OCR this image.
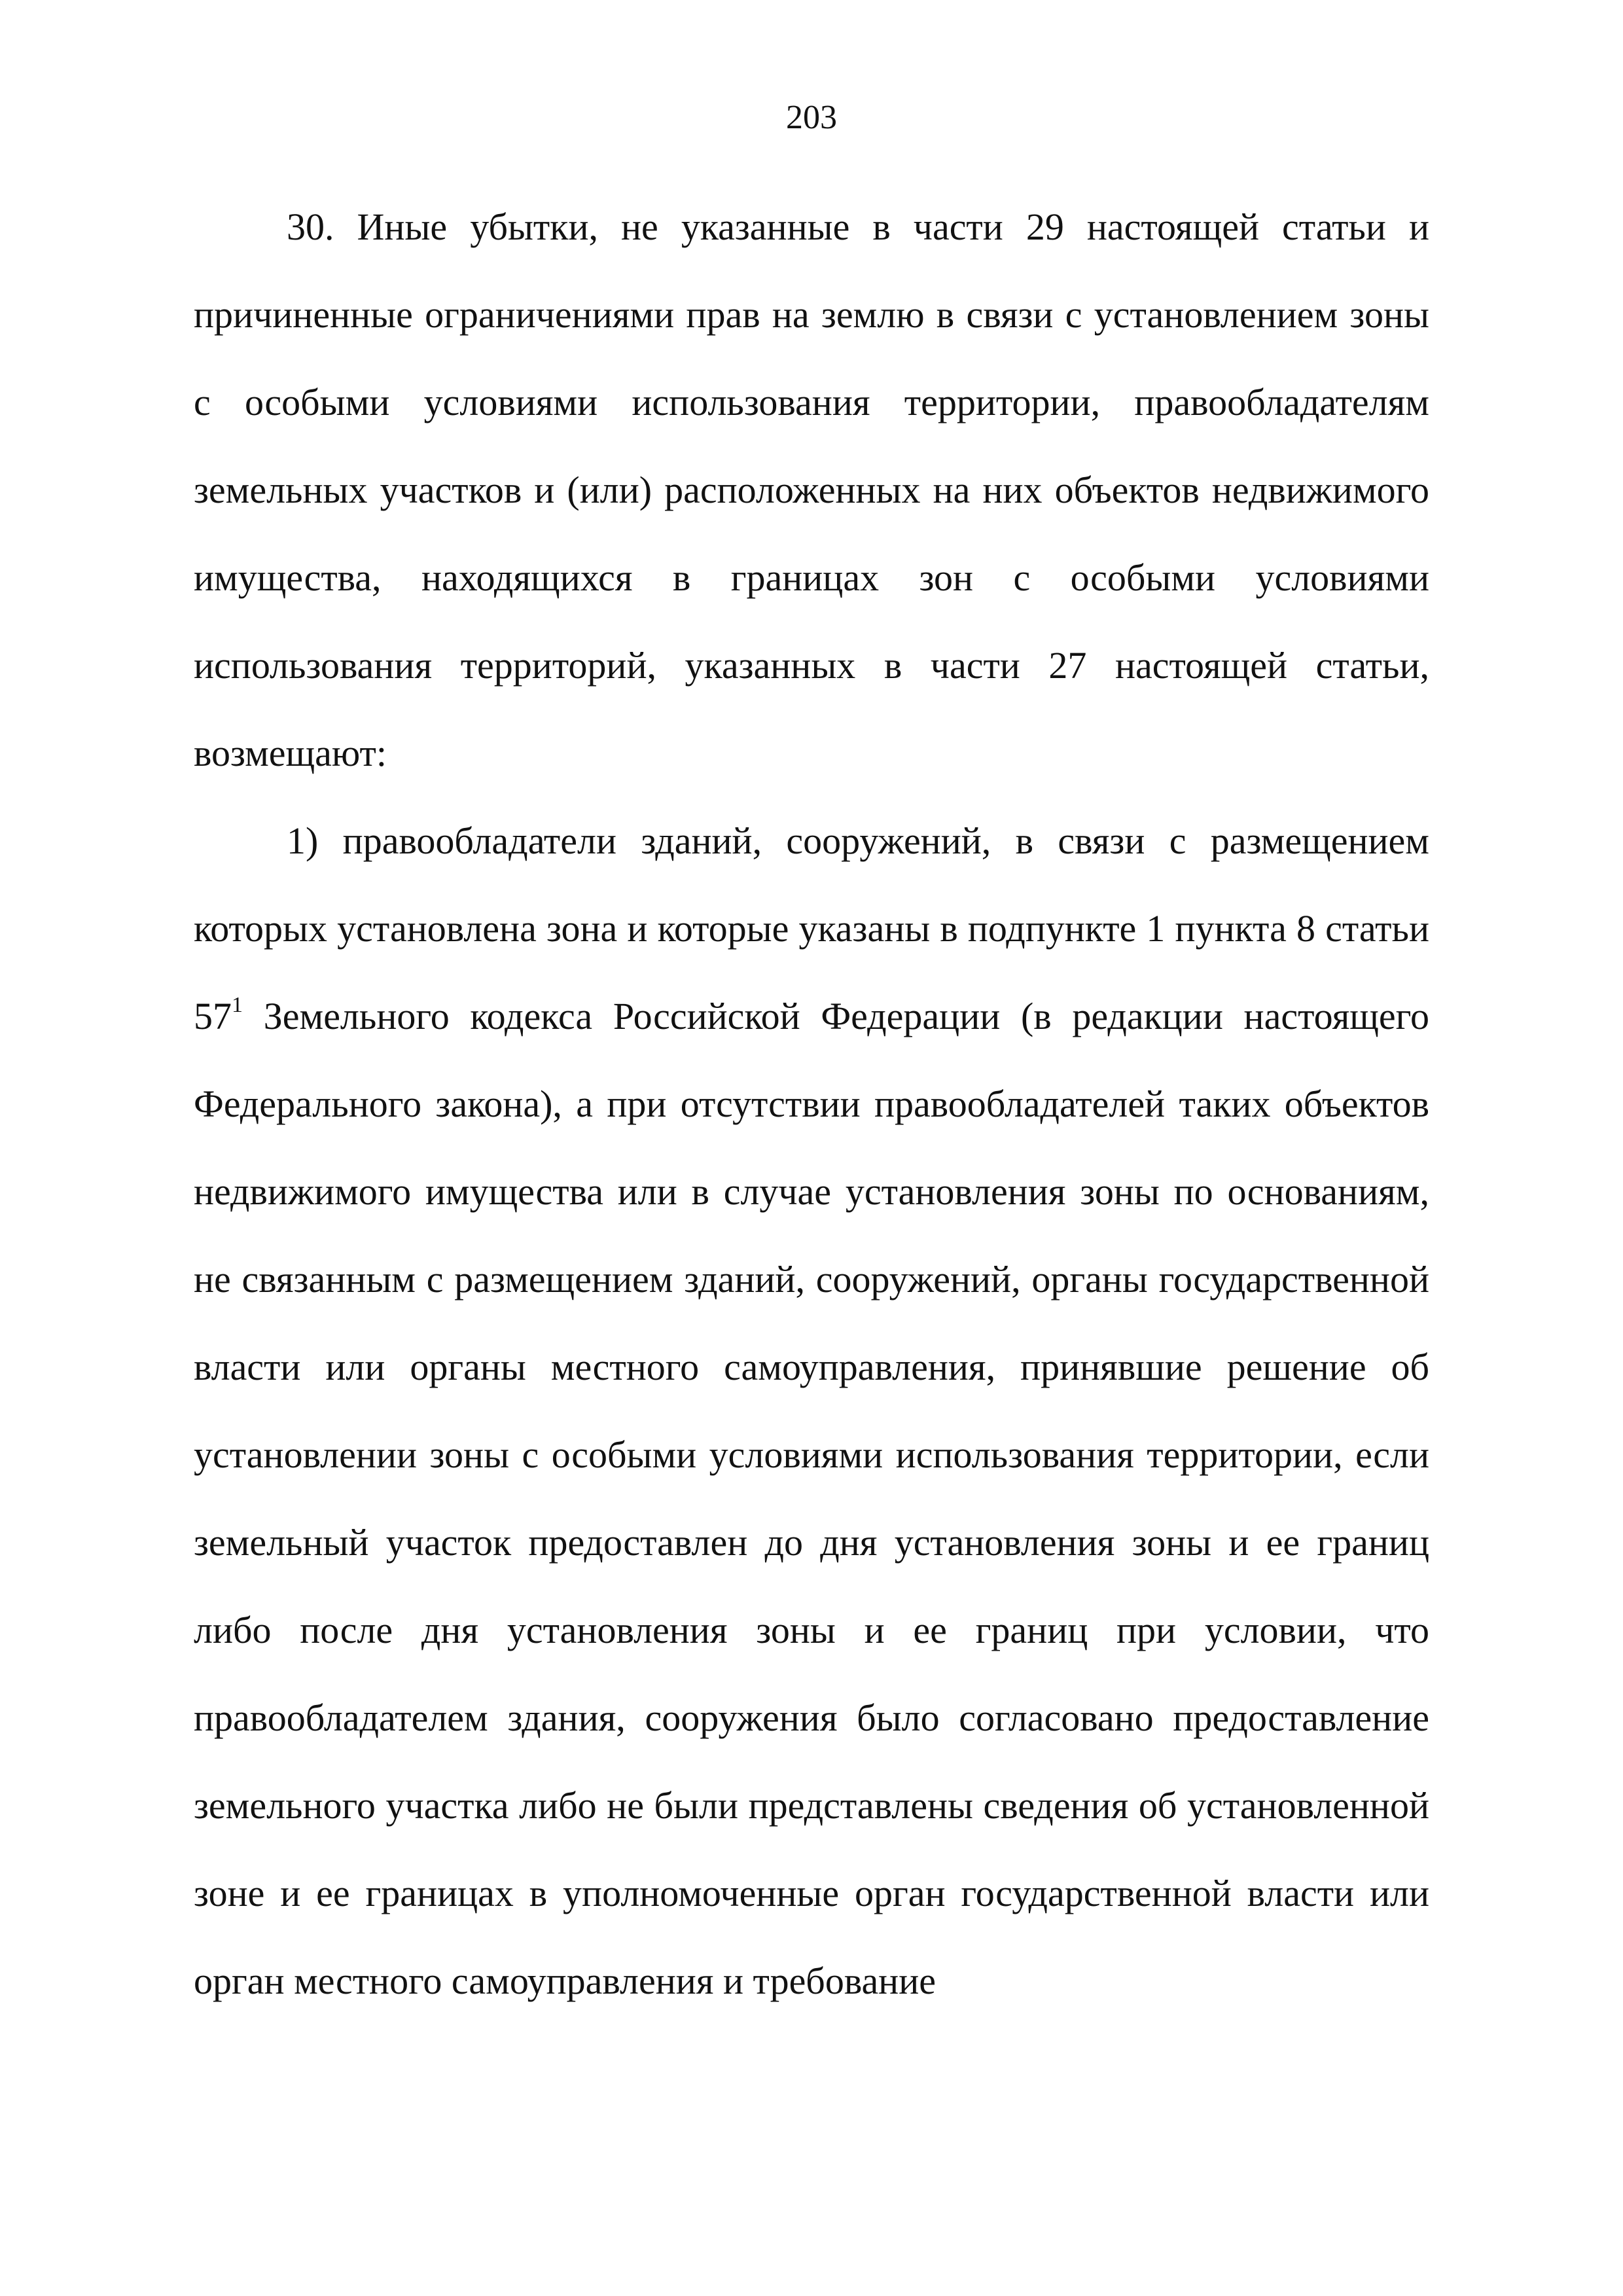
203

30. Иные убытки, не указанные в части 29 настоящей статьи и причиненные ограничениями прав на землю в связи с установлением зоны с особыми условиями использования территории, правообладателям земельных участков и (или) расположенных на них объектов недвижимого имущества, находящихся в границах зон с особыми условиями использования территорий, указанных в части 27 настоящей статьи, возмещают:

1) правообладатели зданий, сооружений, в связи с размещением которых установлена зона и которые указаны в подпункте 1 пункта 8 статьи $57^1$ Земельного кодекса Российской Федерации (в редакции настоящего Федерального закона), а при отсутствии правообладателей таких объектов недвижимого имущества или в случае установления зоны по основаниям, не связанным с размещением зданий, сооружений, органы государственной власти или органы местного самоуправления, принявшие решение об установлении зоны с особыми условиями использования территории, если земельный участок предоставлен до дня установления зоны и ее границ либо после дня установления зоны и ее границ при условии, что правообладателем здания, сооружения было согласовано предоставление земельного участка либо не были представлены сведения об установленной зоне и ее границах в уполномоченные орган государственной власти или орган местного самоуправления и требование
